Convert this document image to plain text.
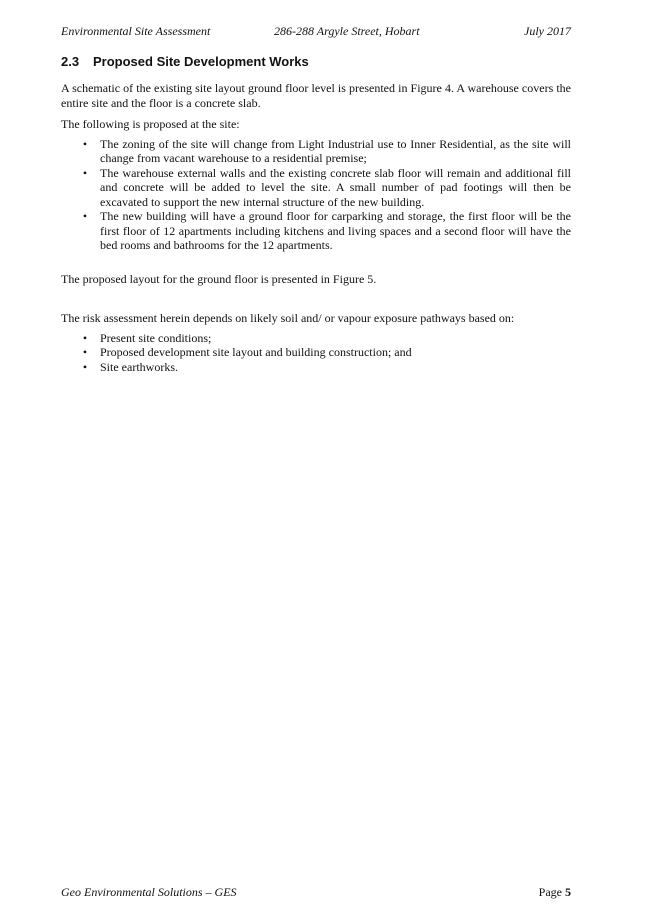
Environmental Site Assessment	286-288 Argyle Street, Hobart	July 2017
2.3 Proposed Site Development Works

A schematic of the existing site layout ground floor level is presented in Figure 4. A warehouse covers the entire site and the floor is a concrete slab.

The following is proposed at the site:

• The zoning of the site will change from Light Industrial use to Inner Residential, as the site will change from vacant warehouse to a residential premise;
• The warehouse external walls and the existing concrete slab floor will remain and additional fill and concrete will be added to level the site. A small number of pad footings will then be excavated to support the new internal structure of the new building.
• The new building will have a ground floor for carparking and storage, the first floor will be the first floor of 12 apartments including kitchens and living spaces and a second floor will have the bed rooms and bathrooms for the 12 apartments.

The proposed layout for the ground floor is presented in Figure 5.

The risk assessment herein depends on likely soil and/ or vapour exposure pathways based on:

• Present site conditions;
• Proposed development site layout and building construction; and
• Site earthworks.
Geo Environmental Solutions – GES	Page 5
